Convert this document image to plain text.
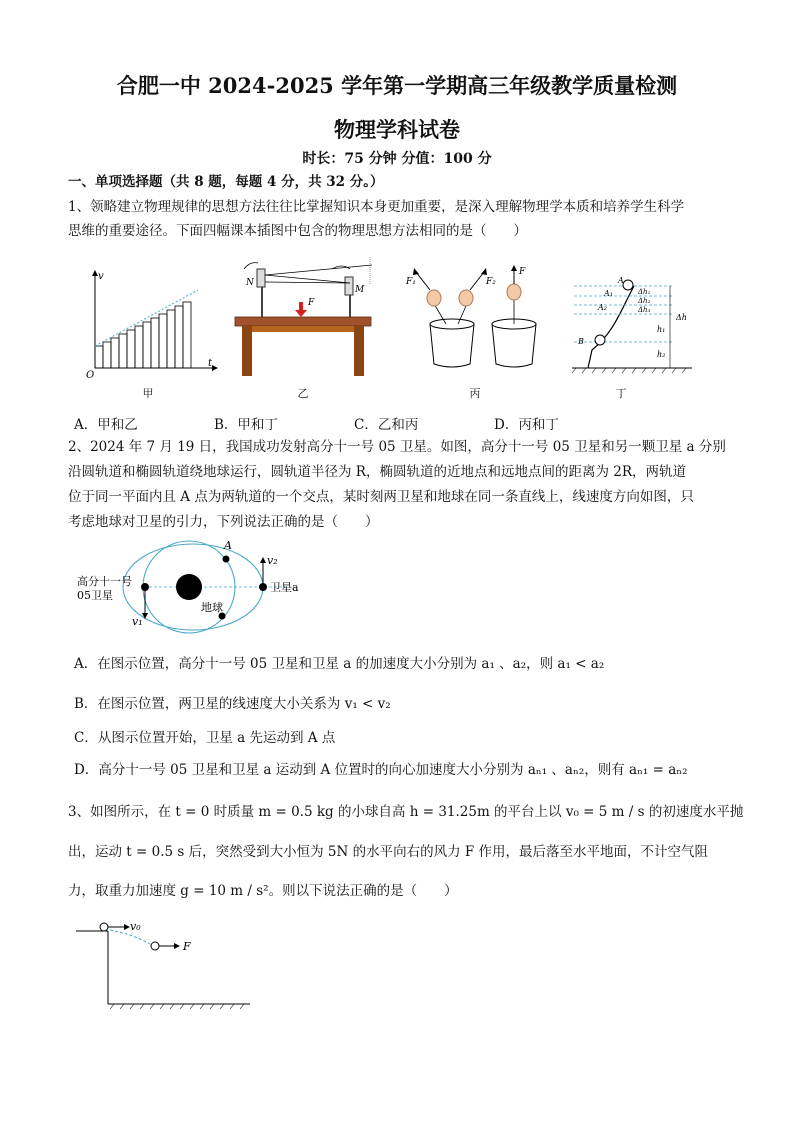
合肥一中 2024-2025 学年第一学期高三年级教学质量检测
物理学科试卷
时长：75 分钟 分值：100 分
一、单项选择题（共 8 题，每题 4 分，共 32 分。）
1、领略建立物理规律的思想方法往往比掌握知识本身更加重要，是深入理解物理学本质和培养学生科学
思维的重要途径。下面四幅课本插图中包含的物理思想方法相同的是（　　）
v
t
O
甲
N
M
F
乙
F₁	F₂
F
丙
A
A₁
A₂
B
Δh₁
Δh₂
Δh₃
Δh
h₁
h₂
丁
A．甲和乙	B．甲和丁	C．乙和丙	D．丙和丁
2、2024 年 7 月 19 日，我国成功发射高分十一号 05 卫星。如图，高分十一号 05 卫星和另一颗卫星 a 分别
沿圆轨道和椭圆轨道绕地球运行，圆轨道半径为 R，椭圆轨道的近地点和远地点间的距离为 2R，两轨道
位于同一平面内且 A 点为两轨道的一个交点，某时刻两卫星和地球在同一条直线上，线速度方向如图，只
考虑地球对卫星的引力，下列说法正确的是（　　）
高分十一号
05卫星
A
v₂
卫星a
地球
v₁
A．在图示位置，高分十一号 05 卫星和卫星 a 的加速度大小分别为 a₁ 、a₂，则 a₁ < a₂
B．在图示位置，两卫星的线速度大小关系为 v₁ < v₂
C．从图示位置开始，卫星 a 先运动到 A 点
D．高分十一号 05 卫星和卫星 a 运动到 A 位置时的向心加速度大小分别为 aₙ₁ 、aₙ₂，则有 aₙ₁ = aₙ₂
3、如图所示，在 t = 0 时质量 m = 0.5 kg 的小球自高 h = 31.25m 的平台上以 v₀ = 5 m / s 的初速度水平抛
出，运动 t = 0.5 s 后，突然受到大小恒为 5N 的水平向右的风力 F 作用，最后落至水平地面，不计空气阻
力，取重力加速度 g = 10 m / s²。则以下说法正确的是（　　）
v₀
F
